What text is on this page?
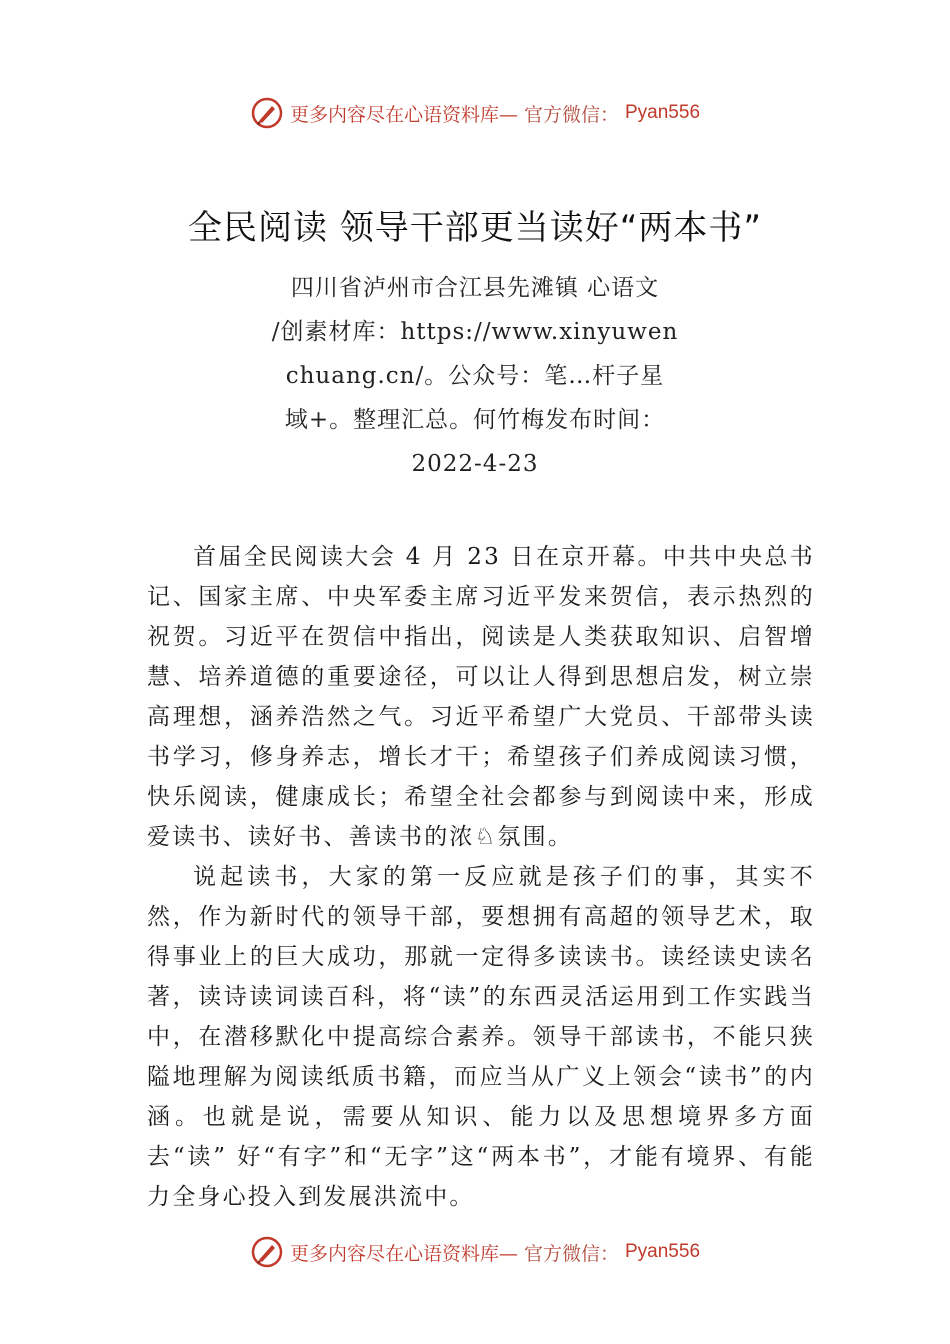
更多内容尽在心语资料库— 官方微信： Pyan556
全民阅读 领导干部更当读好“两本书”
四川省泸州市合江县先滩镇 心语文
/创素材库：https://www.xinyuwen
chuang.cn/。公众号：笔…杆子星
域+。整理汇总。何竹梅发布时间：
2022-4-23

首届全民阅读大会 4 月 23 日在京开幕。中共中央总书记、国家主席、中央军委主席习近平发来贺信，表示热烈的祝贺。习近平在贺信中指出，阅读是人类获取知识、启智增慧、培养道德的重要途径，可以让人得到思想启发，树立崇高理想，涵养浩然之气。习近平希望广大党员、干部带头读书学习，修身养志，增长才干；希望孩子们养成阅读习惯，快乐阅读，健康成长；希望全社会都参与到阅读中来，形成爱读书、读好书、善读书的浓♘氛围。

说起读书，大家的第一反应就是孩子们的事，其实不然，作为新时代的领导干部，要想拥有高超的领导艺术，取得事业上的巨大成功，那就一定得多读读书。读经读史读名著，读诗读词读百科，将“读”的东西灵活运用到工作实践当中，在潜移默化中提高综合素养。领导干部读书，不能只狭隘地理解为阅读纸质书籍，而应当从广义上领会“读书”的内涵。也就是说，需要从知识、能力以及思想境界多方面去“读” 好“有字”和“无字”这“两本书”，才能有境界、有能力全身心投入到发展洪流中。

更多内容尽在心语资料库— 官方微信： Pyan556
